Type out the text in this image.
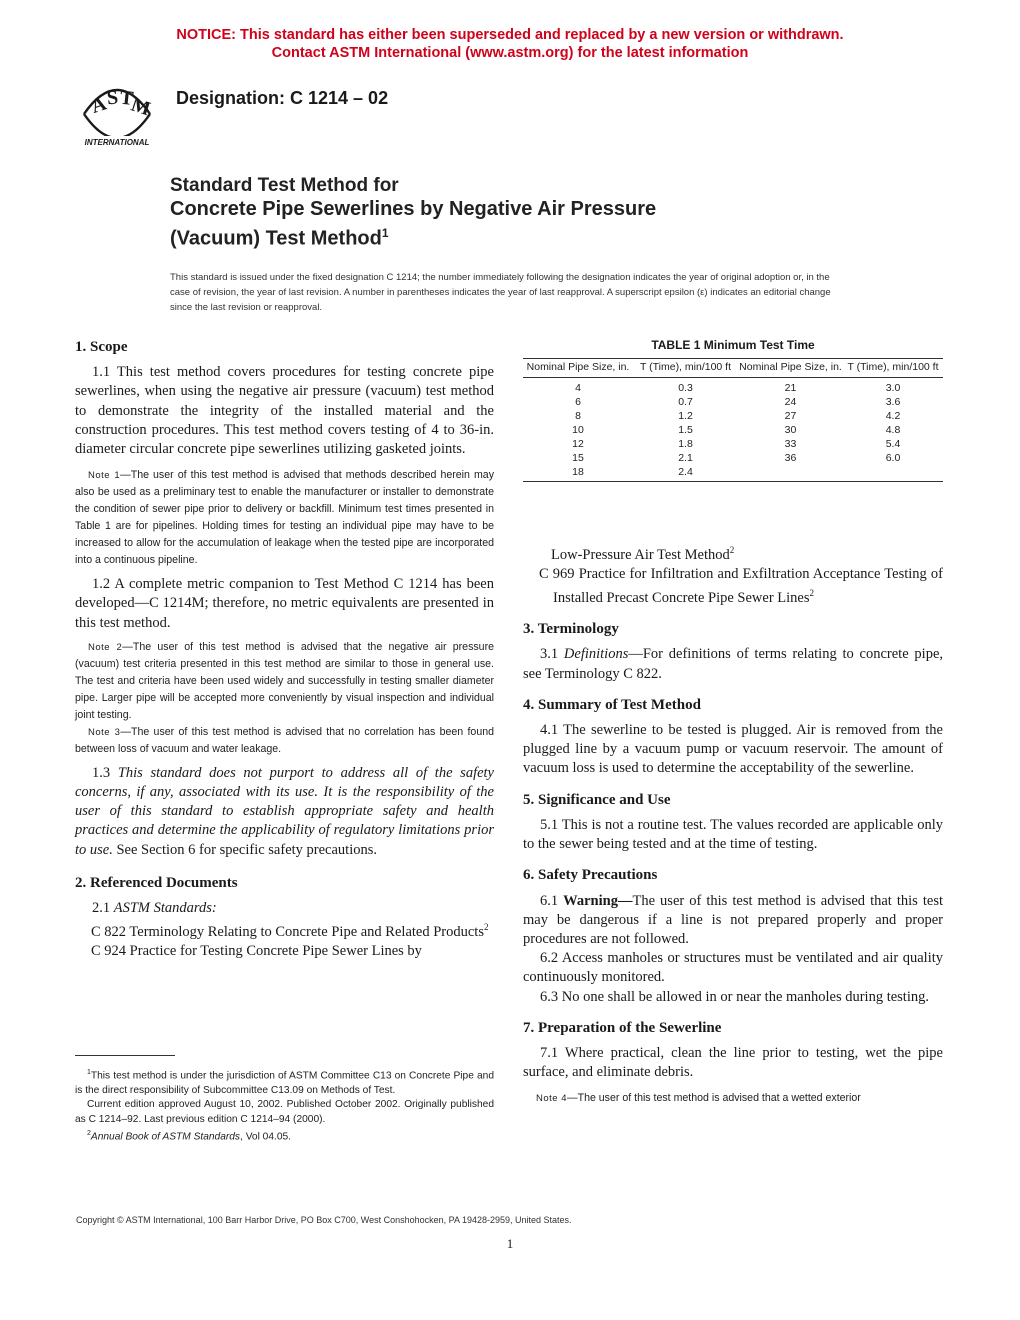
NOTICE: This standard has either been superseded and replaced by a new version or withdrawn.
Contact ASTM International (www.astm.org) for the latest information
A
S T
M
INTERNATIONAL
Designation: C 1214 – 02
Standard Test Method for
Concrete Pipe Sewerlines by Negative Air Pressure
(Vacuum) Test Method$^1$
This standard is issued under the fixed designation C 1214; the number immediately following the designation indicates the year of original adoption or, in the case of revision, the year of last revision. A number in parentheses indicates the year of last reapproval. A superscript epsilon (ε) indicates an editorial change since the last revision or reapproval.
1. Scope

1.1 This test method covers procedures for testing concrete pipe sewerlines, when using the negative air pressure (vacuum) test method to demonstrate the integrity of the installed material and the construction procedures. This test method covers testing of 4 to 36-in. diameter circular concrete pipe sewerlines utilizing gasketed joints.

Note 1—The user of this test method is advised that methods described herein may also be used as a preliminary test to enable the manufacturer or installer to demonstrate the condition of sewer pipe prior to delivery or backfill. Minimum test times presented in Table 1 are for pipelines. Holding times for testing an individual pipe may have to be increased to allow for the accumulation of leakage when the tested pipe are incorporated into a continuous pipeline.

1.2 A complete metric companion to Test Method C 1214 has been developed—C 1214M; therefore, no metric equivalents are presented in this test method.

Note 2—The user of this test method is advised that the negative air pressure (vacuum) test criteria presented in this test method are similar to those in general use. The test and criteria have been used widely and successfully in testing smaller diameter pipe. Larger pipe will be accepted more conveniently by visual inspection and individual joint testing.

Note 3—The user of this test method is advised that no correlation has been found between loss of vacuum and water leakage.

1.3 This standard does not purport to address all of the safety concerns, if any, associated with its use. It is the responsibility of the user of this standard to establish appropriate safety and health practices and determine the applicability of regulatory limitations prior to use. See Section 6 for specific safety precautions.

2. Referenced Documents

2.1 ASTM Standards:

C 822 Terminology Relating to Concrete Pipe and Related Products$^2$

C 924 Practice for Testing Concrete Pipe Sewer Lines by

$^1$This test method is under the jurisdiction of ASTM Committee C13 on Concrete Pipe and is the direct responsibility of Subcommittee C13.09 on Methods of Test.

Current edition approved August 10, 2002. Published October 2002. Originally published as C 1214–92. Last previous edition C 1214–94 (2000).

$^2$Annual Book of ASTM Standards, Vol 04.05.

TABLE 1 Minimum Test Time
Nominal Pipe Size, in.	T (Time), min/100 ft	Nominal Pipe Size, in.	T (Time), min/100 ft
4	0.3	21	3.0
6	0.7	24	3.6
8	1.2	27	4.2
10	1.5	30	4.8
12	1.8	33	5.4
15	2.1	36	6.0
18	2.4		

Low-Pressure Air Test Method$^2$

C 969 Practice for Infiltration and Exfiltration Acceptance Testing of Installed Precast Concrete Pipe Sewer Lines$^2$

3. Terminology

3.1 Definitions—For definitions of terms relating to concrete pipe, see Terminology C 822.

4. Summary of Test Method

4.1 The sewerline to be tested is plugged. Air is removed from the plugged line by a vacuum pump or vacuum reservoir. The amount of vacuum loss is used to determine the acceptability of the sewerline.

5. Significance and Use

5.1 This is not a routine test. The values recorded are applicable only to the sewer being tested and at the time of testing.

6. Safety Precautions

6.1 Warning—The user of this test method is advised that this test may be dangerous if a line is not prepared properly and proper procedures are not followed.

6.2 Access manholes or structures must be ventilated and air quality continuously monitored.

6.3 No one shall be allowed in or near the manholes during testing.

7. Preparation of the Sewerline

7.1 Where practical, clean the line prior to testing, wet the pipe surface, and eliminate debris.

Note 4—The user of this test method is advised that a wetted exterior

Copyright © ASTM International, 100 Barr Harbor Drive, PO Box C700, West Conshohocken, PA 19428-2959, United States.
1
